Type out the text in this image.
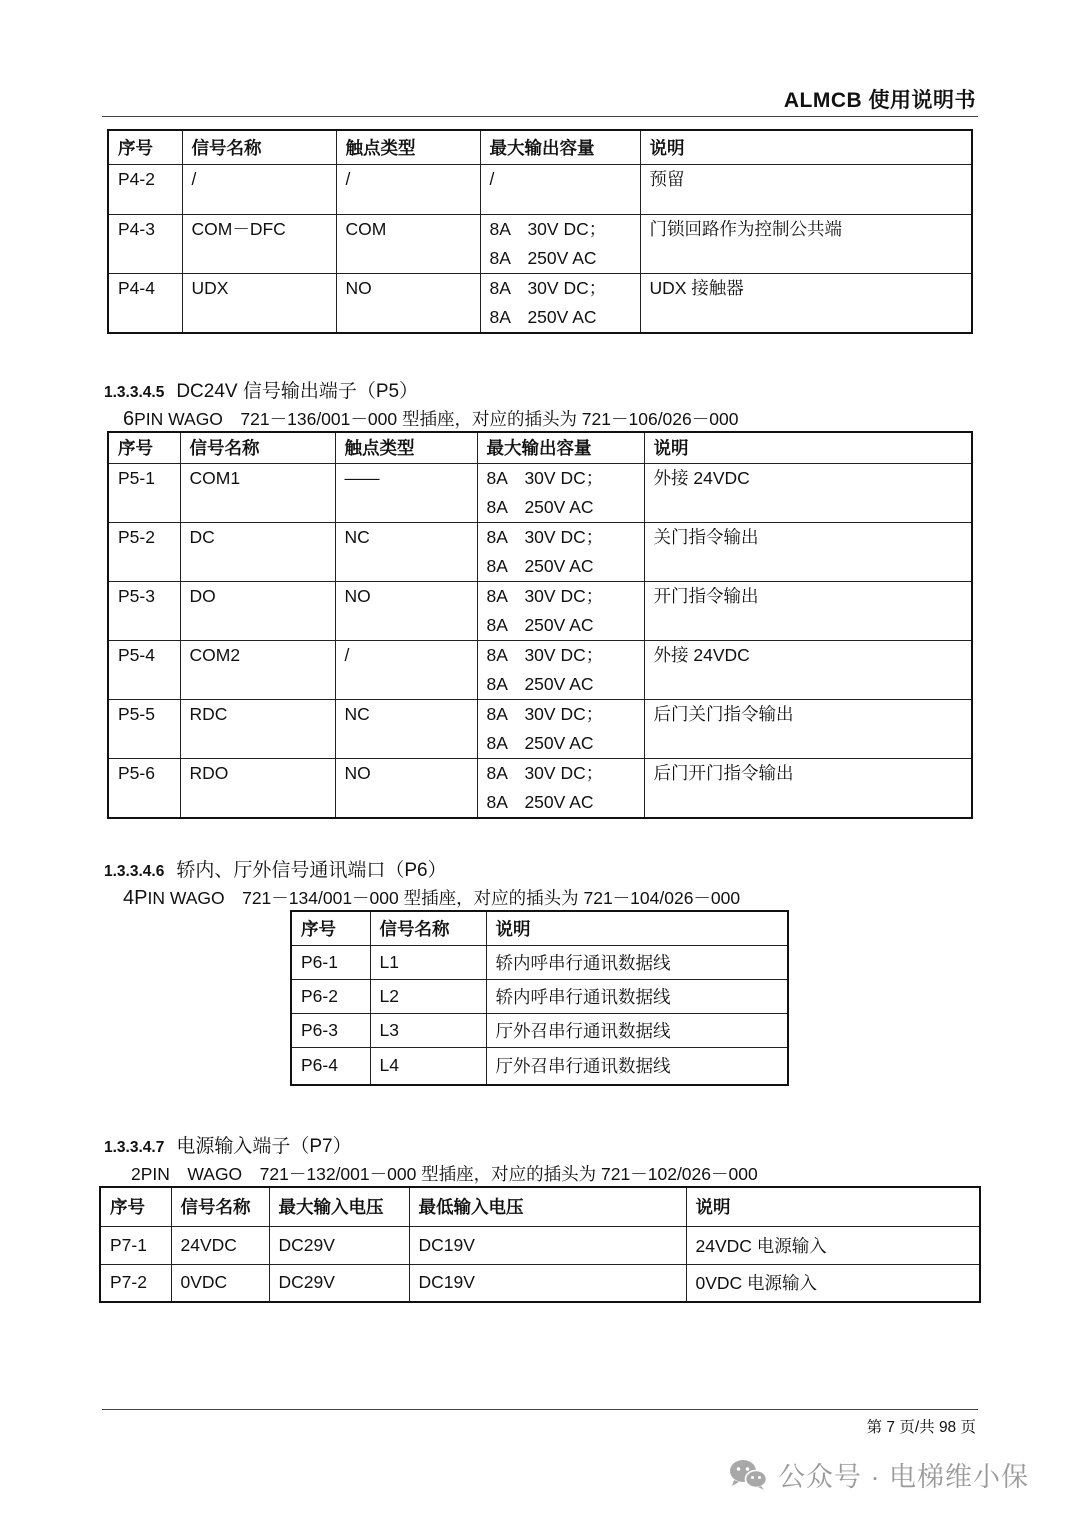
ALMCB 使用说明书
序号	信号名称	触点类型	最大输出容量	说明

P4-2	/	/	/	预留

P4-3	COM－DFC	COM	8A　30V DC；
8A　250V AC	门锁回路作为控制公共端

P4-4	UDX	NO	8A　30V DC；
8A　250V AC	UDX 接触器
1.3.3.4.5 DC24V 信号输出端子（P5）
6PIN WAGO　721－136/001－000 型插座，对应的插头为 721－106/026－000
序号	信号名称	触点类型	最大输出容量	说明

P5-1	COM1	——	8A　30V DC；
8A　250V AC	外接 24VDC

P5-2	DC	NC	8A　30V DC；
8A　250V AC	关门指令输出

P5-3	DO	NO	8A　30V DC；
8A　250V AC	开门指令输出

P5-4	COM2	/	8A　30V DC；
8A　250V AC	外接 24VDC

P5-5	RDC	NC	8A　30V DC；
8A　250V AC	后门关门指令输出

P5-6	RDO	NO	8A　30V DC；
8A　250V AC	后门开门指令输出
1.3.3.4.6 轿内、厅外信号通讯端口（P6）
4PIN WAGO　721－134/001－000 型插座，对应的插头为 721－104/026－000
序号	信号名称	说明
P6-1	L1	轿内呼串行通讯数据线
P6-2	L2	轿内呼串行通讯数据线
P6-3	L3	厅外召串行通讯数据线
P6-4	L4	厅外召串行通讯数据线
1.3.3.4.7 电源输入端子（P7）
2PIN　WAGO　721－132/001－000 型插座，对应的插头为 721－102/026－000
序号	信号名称	最大输入电压	最低输入电压	说明
P7-1	24VDC	DC29V	DC19V	24VDC 电源输入
P7-2	0VDC	DC29V	DC19V	0VDC 电源输入
第 7 页/共 98 页
公众号 · 电梯维小保
